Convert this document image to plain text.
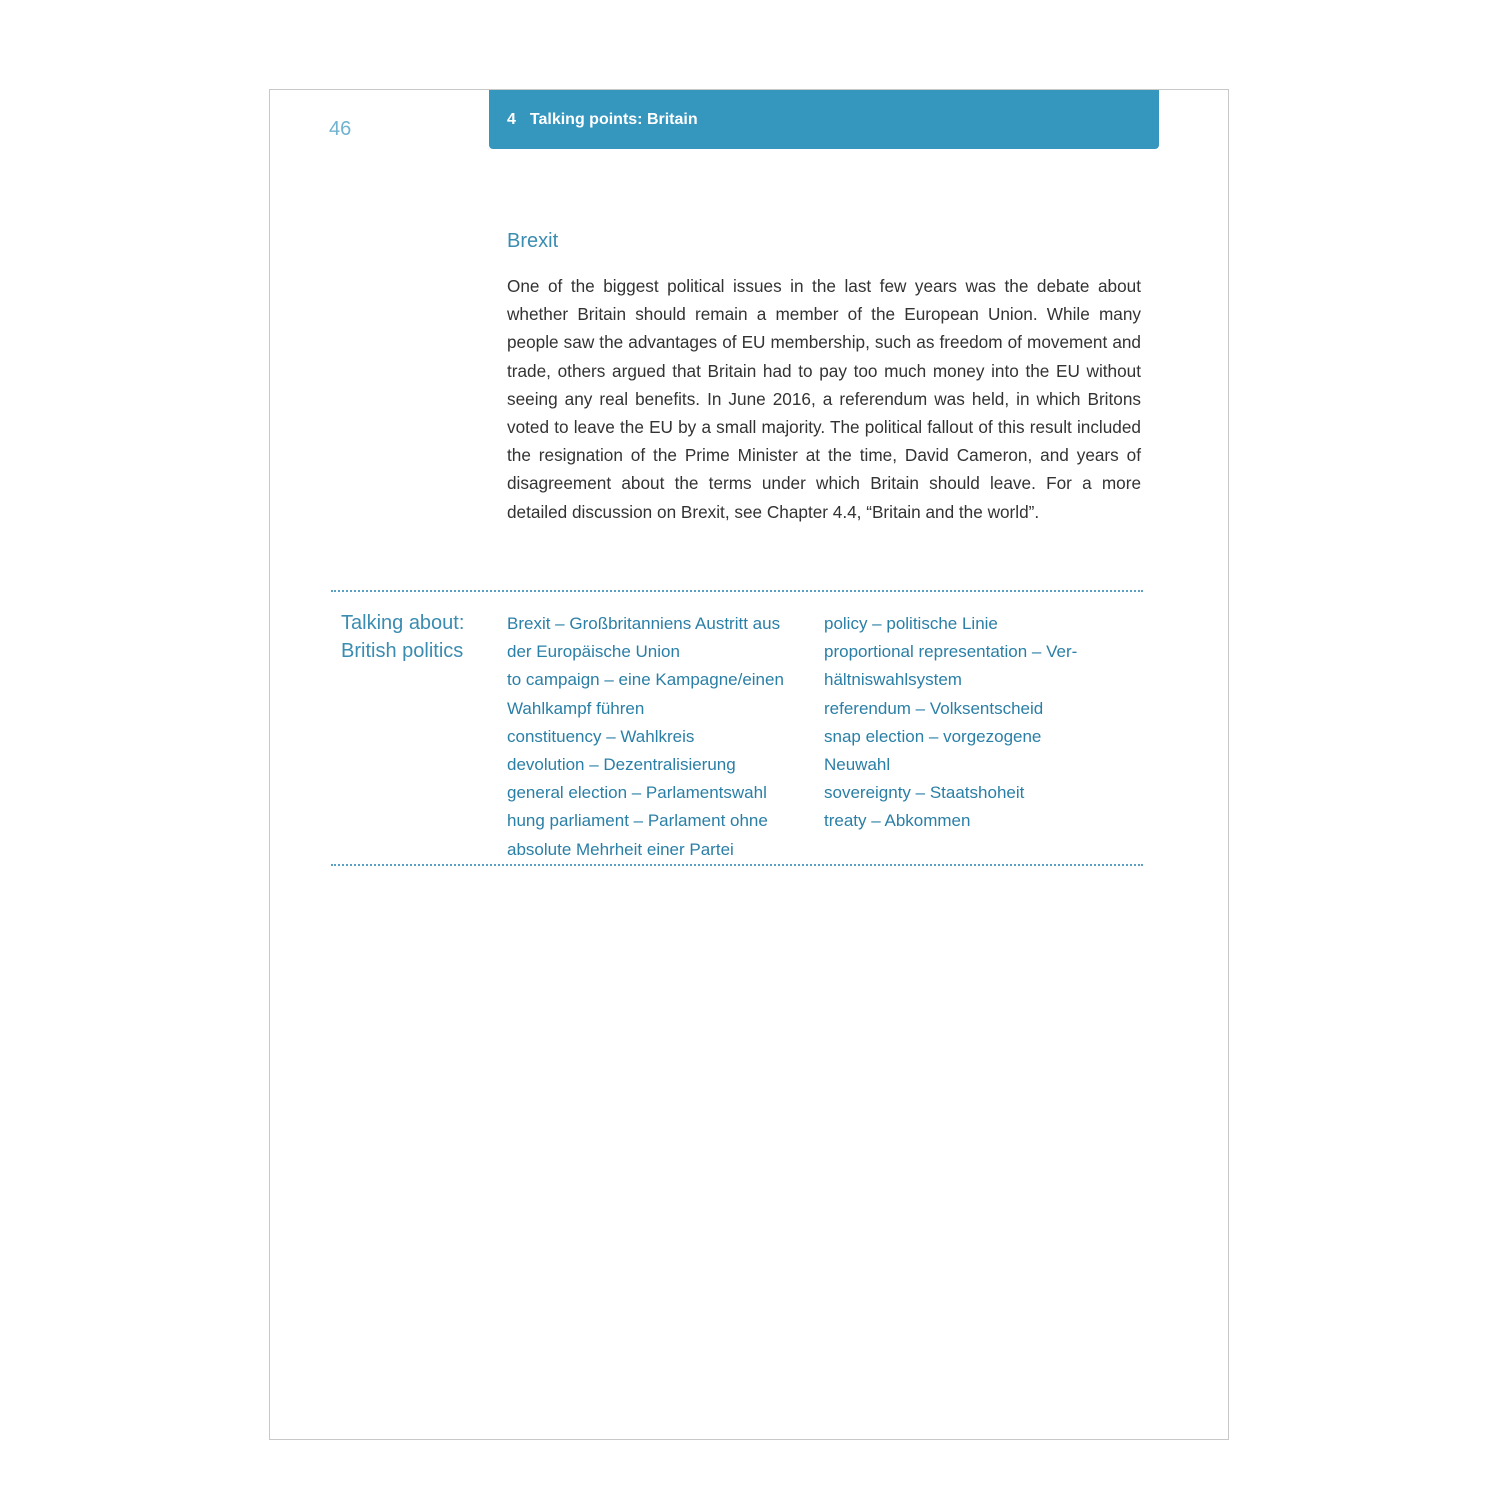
46	4 Talking points: Britain
Brexit

One of the biggest political issues in the last few years was the debate about whether Britain should remain a member of the European Union. While many people saw the advantages of EU membership, such as freedom of movement and trade, others argued that Britain had to pay too much money into the EU without seeing any real benefits. In June 2016, a referendum was held, in which Britons voted to leave the EU by a small majority. The political fallout of this result included the resignation of the Prime Minister at the time, David Cameron, and years of disagreement about the terms under which Britain should leave. For a more detailed discussion on Brexit, see Chapter 4.4, “Britain and the world”.

Talking about:
British politics
Brexit – Großbritanniens Austritt aus
der Europäische Union
to campaign – eine Kampagne/einen
Wahlkampf führen
constituency – Wahlkreis
devolution – Dezentralisierung
general election – Parlamentswahl
hung parliament – Parlament ohne
absolute Mehrheit einer Partei
policy – politische Linie
proportional representation – Ver-
hältniswahlsystem
referendum – Volksentscheid
snap election – vorgezogene
Neuwahl
sovereignty – Staatshoheit
treaty – Abkommen
